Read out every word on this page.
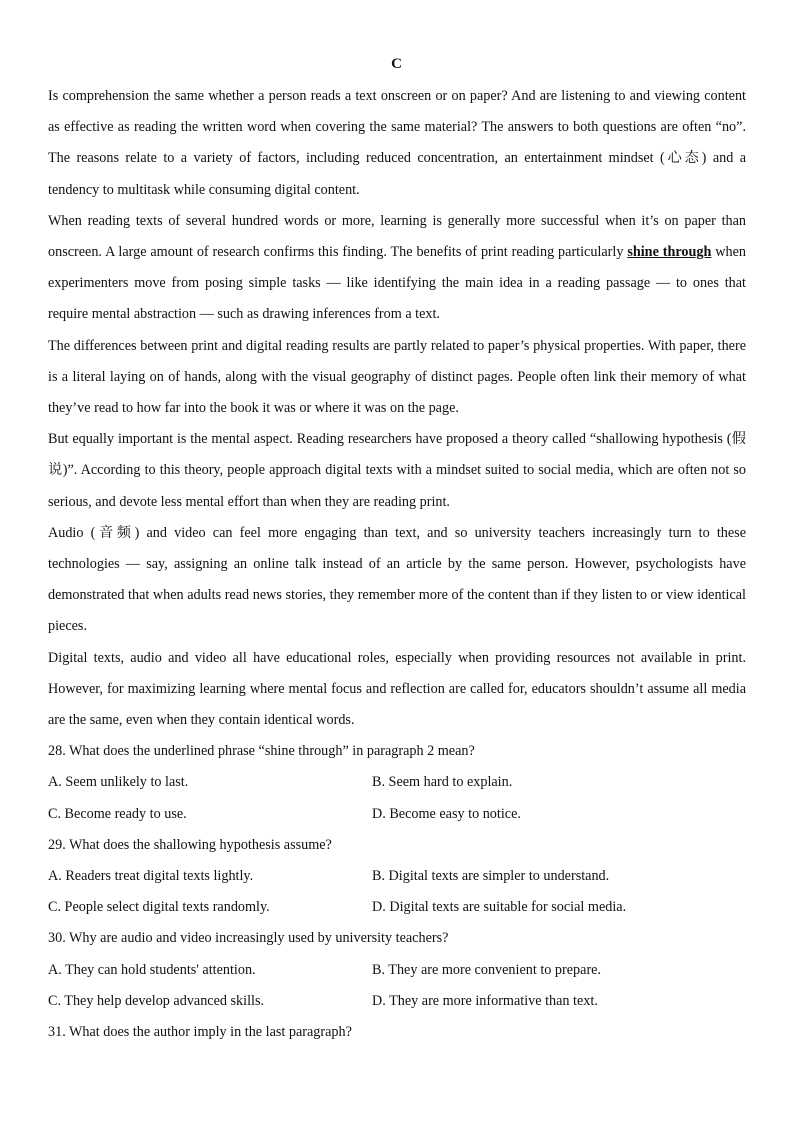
C

Is comprehension the same whether a person reads a text onscreen or on paper? And are listening to and viewing content as effective as reading the written word when covering the same material? The answers to both questions are often “no”. The reasons relate to a variety of factors, including reduced concentration, an entertainment mindset (心态) and a tendency to multitask while consuming digital content.

When reading texts of several hundred words or more, learning is generally more successful when it’s on paper than onscreen. A large amount of research confirms this finding. The benefits of print reading particularly shine through when experimenters move from posing simple tasks — like identifying the main idea in a reading passage — to ones that require mental abstraction — such as drawing inferences from a text.

The differences between print and digital reading results are partly related to paper’s physical properties. With paper, there is a literal laying on of hands, along with the visual geography of distinct pages. People often link their memory of what they’ve read to how far into the book it was or where it was on the page.

But equally important is the mental aspect. Reading researchers have proposed a theory called “shallowing hypothesis (假说)”. According to this theory, people approach digital texts with a mindset suited to social media, which are often not so serious, and devote less mental effort than when they are reading print.

Audio (音频) and video can feel more engaging than text, and so university teachers increasingly turn to these technologies — say, assigning an online talk instead of an article by the same person. However, psychologists have demonstrated that when adults read news stories, they remember more of the content than if they listen to or view identical pieces.

Digital texts, audio and video all have educational roles, especially when providing resources not available in print. However, for maximizing learning where mental focus and reflection are called for, educators shouldn’t assume all media are the same, even when they contain identical words.

28. What does the underlined phrase “shine through” in paragraph 2 mean?

A. Seem unlikely to last.	B. Seem hard to explain.
C. Become ready to use.	D. Become easy to notice.

29. What does the shallowing hypothesis assume?

A. Readers treat digital texts lightly.	B. Digital texts are simpler to understand.
C. People select digital texts randomly.	D. Digital texts are suitable for social media.

30. Why are audio and video increasingly used by university teachers?

A. They can hold students' attention.	B. They are more convenient to prepare.
C. They help develop advanced skills.	D. They are more informative than text.

31. What does the author imply in the last paragraph?
